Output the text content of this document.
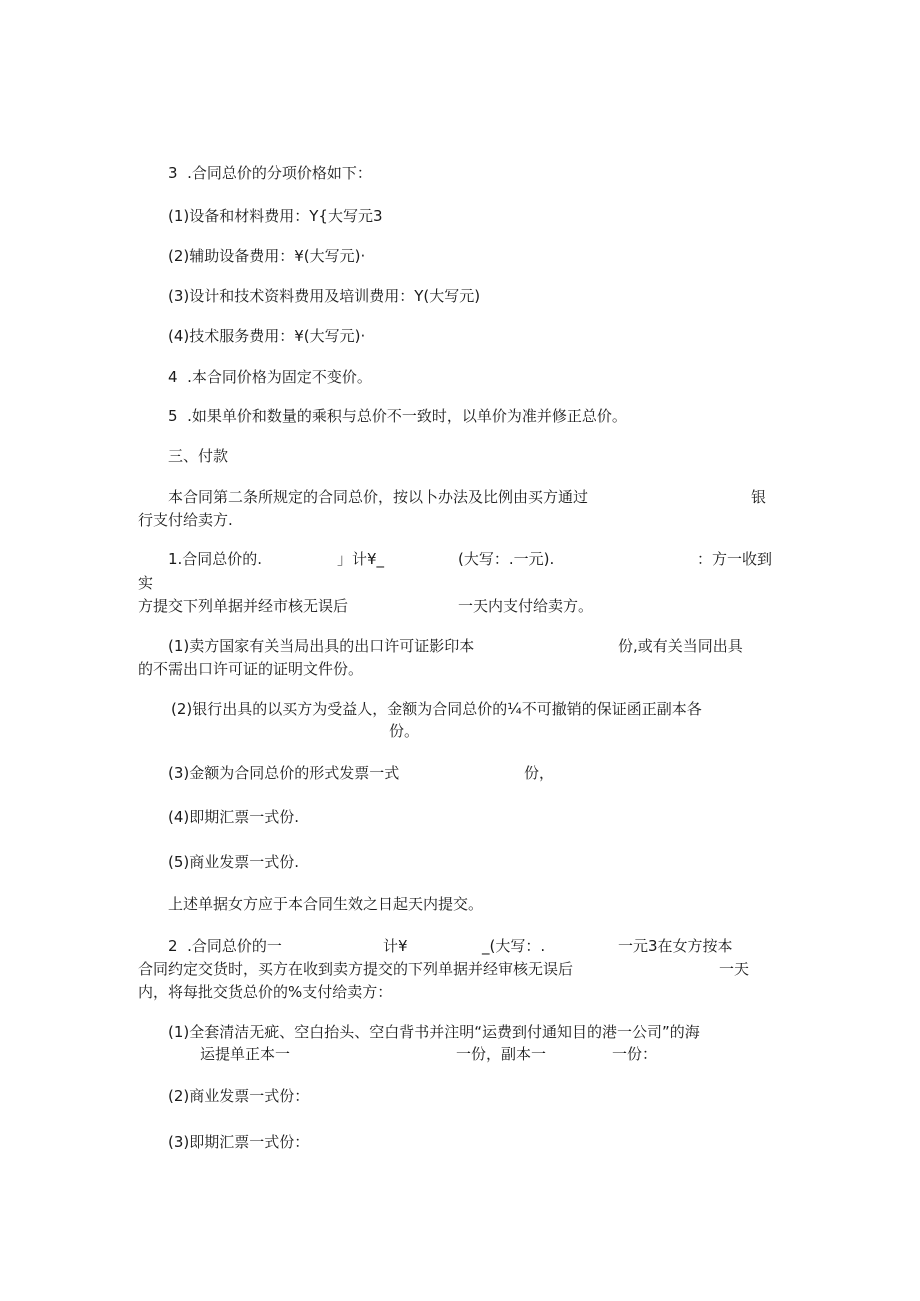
3  .合同总价的分项价格如下：
(1)设备和材料费用：Y{大写元3
(2)辅助设备费用：¥(大写元)·
(3)设计和技术资料费用及培训费用：Y(大写元)
(4)技术服务费用：¥(大写元)·
4  .本合同价格为固定不变价。
5  .如果单价和数量的乘积与总价不一致时，以单价为准并修正总价。
三、付款
本合同第二条所规定的合同总价，按以卜办法及比例由买方通过	银
行支付给卖方.
1.合同总价的.	」计¥_	(大写：.一元).	：方一收到
实
方提交下列单据并经市核无误后	一天内支付给卖方。
(1)卖方国家有关当局出具的出口许可证影印本	份,或有关当同出具
的不需出口许可证的证明文件份。
(2)银行出具的以买方为受益人，金额为合同总价的¼不可撤销的保证函正副本各
份。
(3)金额为合同总价的形式发票一式	份，
(4)即期汇票一式份.
(5)商业发票一式份.
上述单据女方应于本合同生效之日起天内提交。
2  .合同总价的一	计¥	_(大写：.	一元3在女方按本
合同约定交货时，买方在收到卖方提交的下列单据并经审核无误后	一天
内，将每批交货总价的%支付给卖方：
(1)全套清洁无疵、空白抬头、空白背书并注明“运费到付通知目的港一公司”的海
运提单正本一	一份，副本一	一份：
(2)商业发票一式份：
(3)即期汇票一式份：
